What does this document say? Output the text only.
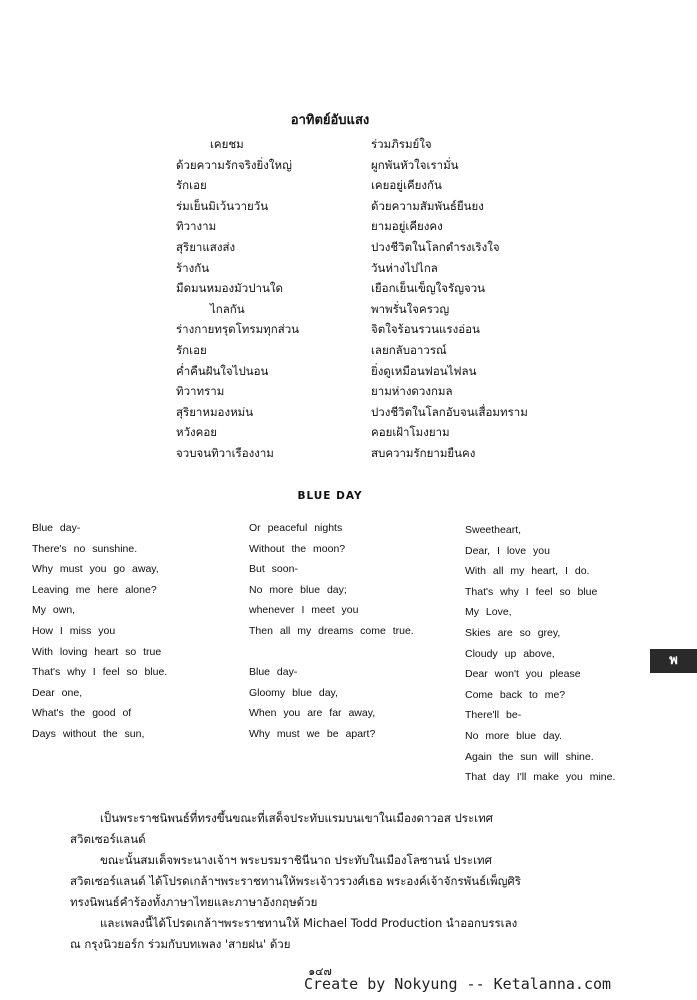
อาทิตย์อับแสง
เคยชม
ด้วยความรักจริงยิ่งใหญ่
รักเอย
ร่มเย็นมิเว้นวายวัน
ทิวางาม
สุริยาแสงส่ง
ร้างกัน
มืดมนหมองมัวปานใด
ไกลกัน
ร่างกายทรุดโทรมทุกส่วน
รักเอย
ค่ำคืนฝันใจไปนอน
ทิวาทราม
สุริยาหมองหม่น
หวังคอย
จวบจนทิวาเรืองงาม
ร่วมภิรมย์ใจ
ผูกพันหัวใจเรามั่น
เคยอยู่เคียงกัน
ด้วยความสัมพันธ์ยืนยง
ยามอยู่เคียงคง
ปวงชีวิตในโลกดำรงเริงใจ
วันห่างไปไกล
เยือกเย็นเข็ญใจรัญจวน
พาพรั่นใจครวญ
จิตใจร้อนรวนแรงอ่อน
เลยกลับอาวรณ์
ยิ่งดูเหมือนฟอนไฟลน
ยามห่างดวงกมล
ปวงชีวิตในโลกอับจนเสื่อมทราม
คอยเฝ้าโมงยาม
สบความรักยามยืนคง
BLUE DAY
Blue day-
There's no sunshine.
Why must you go away,
Leaving me here alone?
My own,
How I miss you
With loving heart so true
That's why I feel so blue.
Dear one,
What's the good of
Days without the sun,
Or peaceful nights
Without the moon?
But soon-
No more blue day;
whenever I meet you
Then all my dreams come true.
Blue day-
Gloomy blue day,
When you are far away,
Why must we be apart?
Sweetheart,
Dear, I love you
With all my heart, I do.
That's why I feel so blue
My Love,
Skies are so grey,
Cloudy up above,
Dear won't you please
Come back to me?
There'll be-
No more blue day.
Again the sun will shine.
That day I'll make you mine.
พ
เป็นพระราชนิพนธ์ที่ทรงขึ้นขณะที่เสด็จประทับแรมบนเขาในเมืองดาวอส ประเทศ
สวิตเซอร์แลนด์
ขณะนั้นสมเด็จพระนางเจ้าฯ พระบรมราชินีนาถ ประทับในเมืองโลซานน์ ประเทศ
สวิตเซอร์แลนด์ ได้โปรดเกล้าฯพระราชทานให้พระเจ้าวรวงศ์เธอ พระองค์เจ้าจักรพันธ์เพ็ญศิริ
ทรงนิพนธ์คำร้องทั้งภาษาไทยและภาษาอังกฤษด้วย
และเพลงนี้ได้โปรดเกล้าฯพระราชทานให้ Michael Todd Production นำออกบรรเลง
ณ กรุงนิวยอร์ก ร่วมกับบทเพลง 'สายฝน' ด้วย
๑๔๗
Create by Nokyung -- Ketalanna.com
